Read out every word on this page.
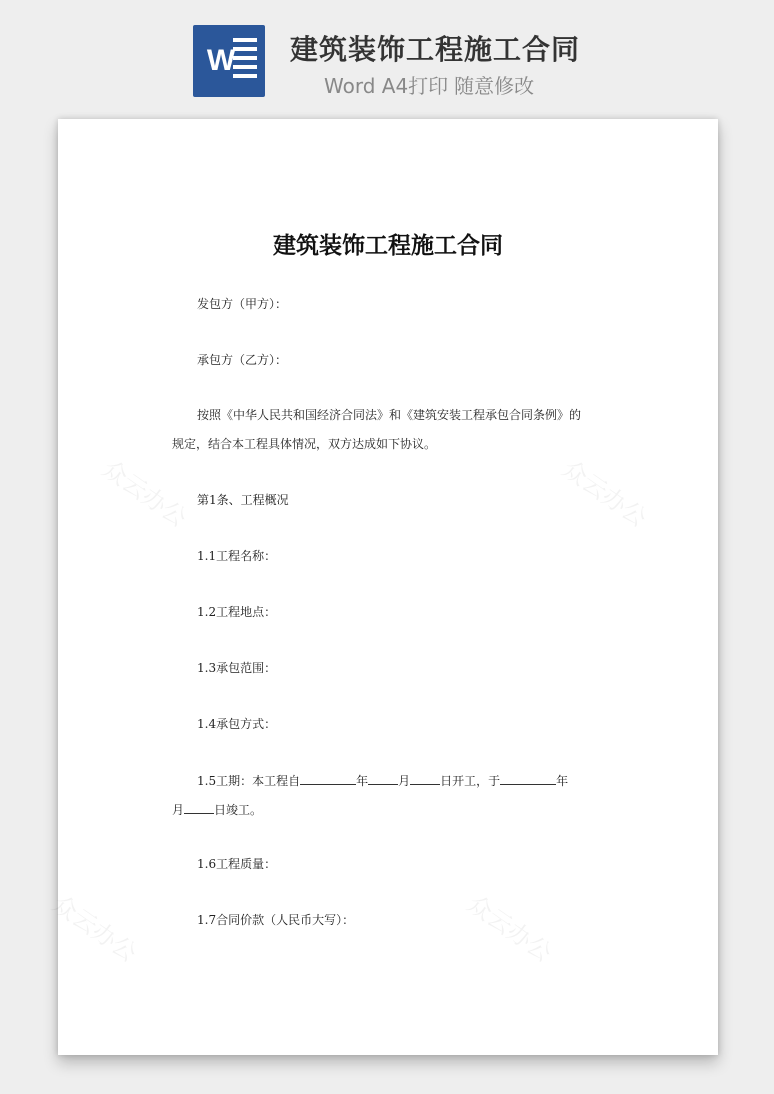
W 建筑装饰工程施工合同
Word A4打印 随意修改
众云办公	众云办公
众云办公	众云办公
建筑装饰工程施工合同
发包方（甲方）：
承包方（乙方）：
按照《中华人民共和国经济合同法》和《建筑安装工程承包合同条例》的
规定，结合本工程具体情况，双方达成如下协议。
第1条、工程概况
1.1工程名称：
1.2工程地点：
1.3承包范围：
1.4承包方式：
1.5工期：本工程自	年	月	日开工，于	年
月	日竣工。
1.6工程质量：
1.7合同价款（人民币大写）：
